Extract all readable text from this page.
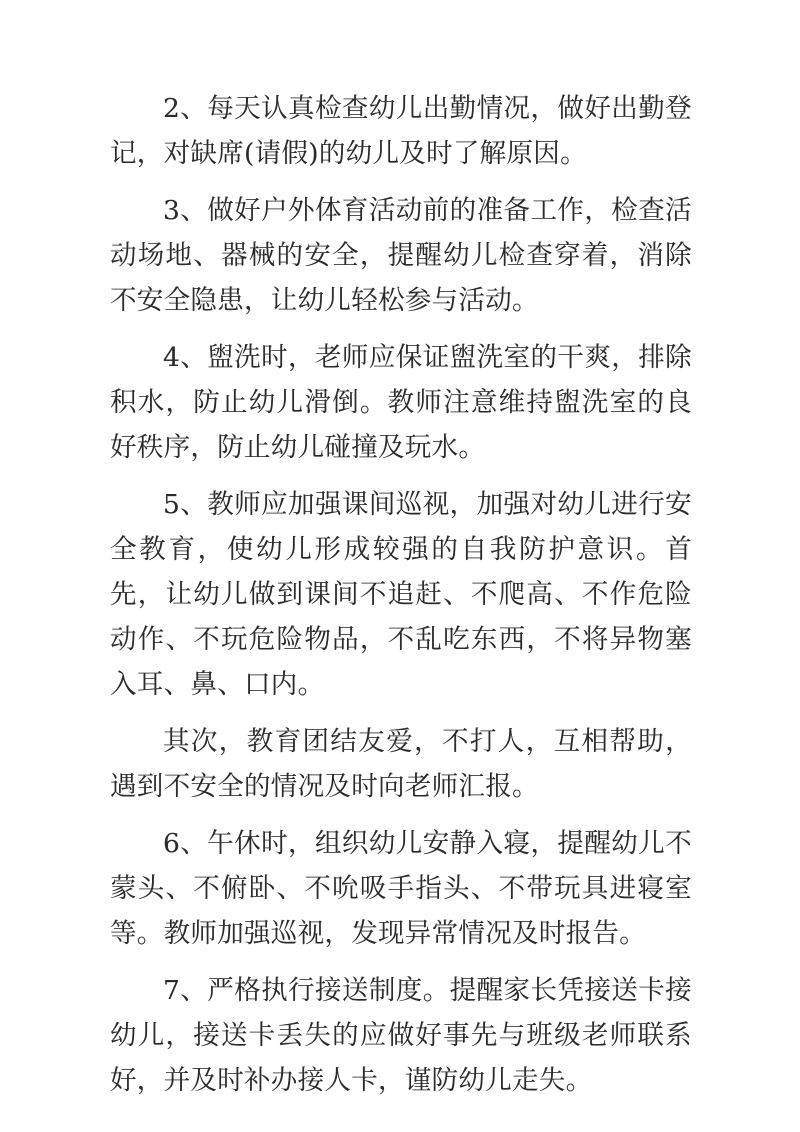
2、每天认真检查幼儿出勤情况，做好出勤登记，对缺席(请假)的幼儿及时了解原因。

3、做好户外体育活动前的准备工作，检查活动场地、器械的安全，提醒幼儿检查穿着，消除不安全隐患，让幼儿轻松参与活动。

4、盥洗时，老师应保证盥洗室的干爽，排除积水，防止幼儿滑倒。教师注意维持盥洗室的良好秩序，防止幼儿碰撞及玩水。

5、教师应加强课间巡视，加强对幼儿进行安全教育，使幼儿形成较强的自我防护意识。首先，让幼儿做到课间不追赶、不爬高、不作危险动作、不玩危险物品，不乱吃东西，不将异物塞入耳、鼻、口内。

其次，教育团结友爱，不打人，互相帮助，遇到不安全的情况及时向老师汇报。

6、午休时，组织幼儿安静入寝，提醒幼儿不蒙头、不俯卧、不吮吸手指头、不带玩具进寝室等。教师加强巡视，发现异常情况及时报告。

7、严格执行接送制度。提醒家长凭接送卡接幼儿，接送卡丢失的应做好事先与班级老师联系好，并及时补办接人卡，谨防幼儿走失。
